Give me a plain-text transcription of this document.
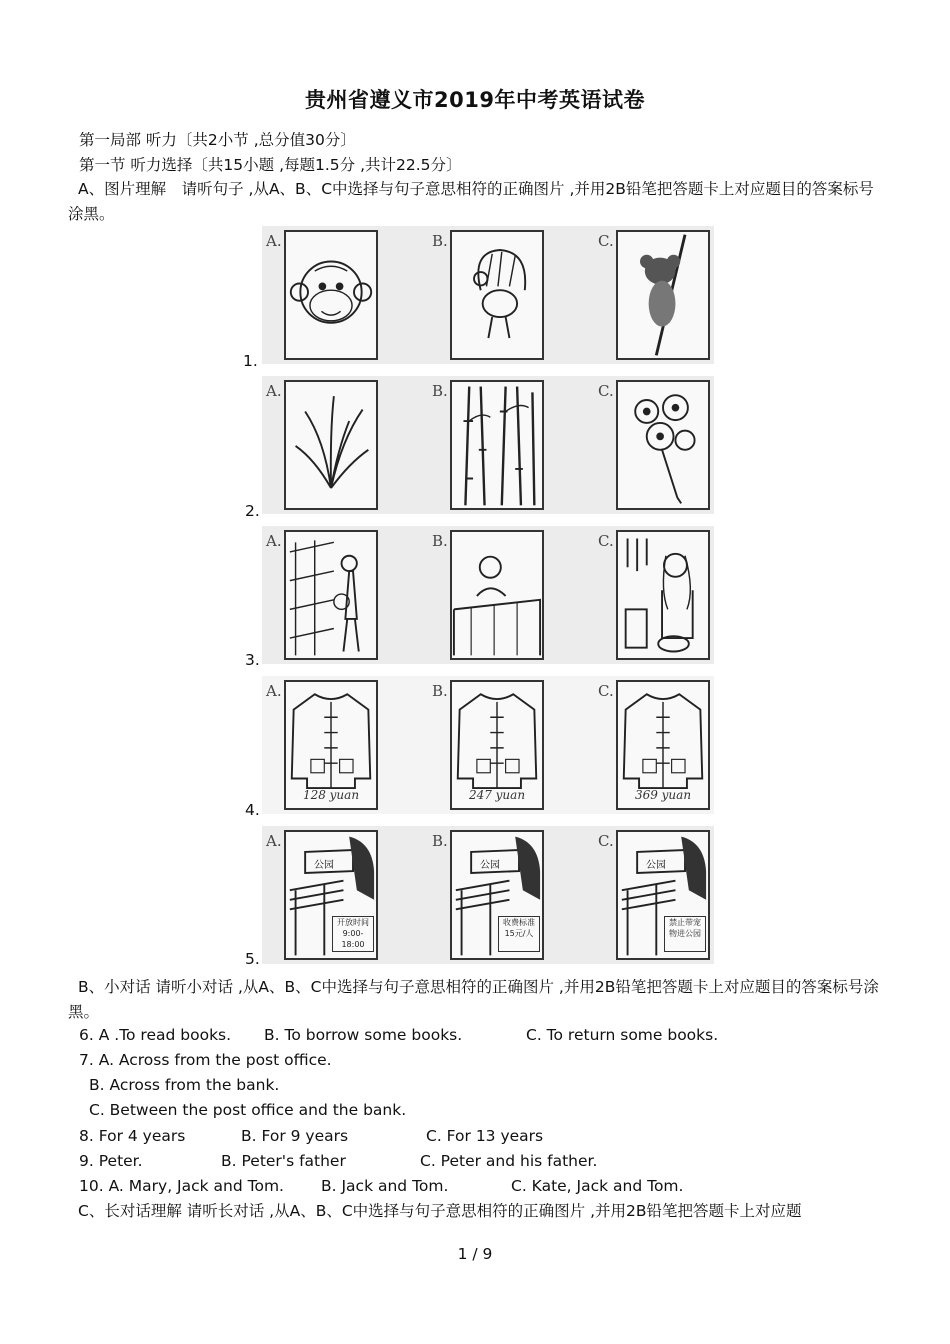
贵州省遵义市2019年中考英语试卷
第一局部 听力〔共2小节 ,总分值30分〕
第一节 听力选择〔共15小题 ,每题1.5分 ,共计22.5分〕
A、图片理解　请听句子 ,从A、B、C中选择与句子意思相符的正确图片 ,并用2B铅笔把答题卡上对应题目的答案标号涂黑。
1.
A.	B.	C.
2.
A.	B.	C.
3.
A.	B.	C.
4.
A.
128 yuan
B.
247 yuan
C.
369 yuan
5.
A.
公园
开放时间
9:00-18:00
B.
公园
收费标准
15元/人
C.
公园
禁止带宠
物进公园
B、小对话 请听小对话 ,从A、B、C中选择与句子意思相符的正确图片 ,并用2B铅笔把答题卡上对应题目的答案标号涂黑。
6. A .To read books. B. To borrow some books.	C. To return some books.
7. A. Across from the post office.
B. Across from the bank.
C. Between the post office and the bank.
8. For 4 years	B. For 9 years	C. For 13 years
9. Peter.	B. Peter's father	C. Peter and his father.
10. A. Mary, Jack and Tom. B. Jack and Tom.	C. Kate, Jack and Tom.
C、长对话理解 请听长对话 ,从A、B、C中选择与句子意思相符的正确图片 ,并用2B铅笔把答题卡上对应题
1 / 9
